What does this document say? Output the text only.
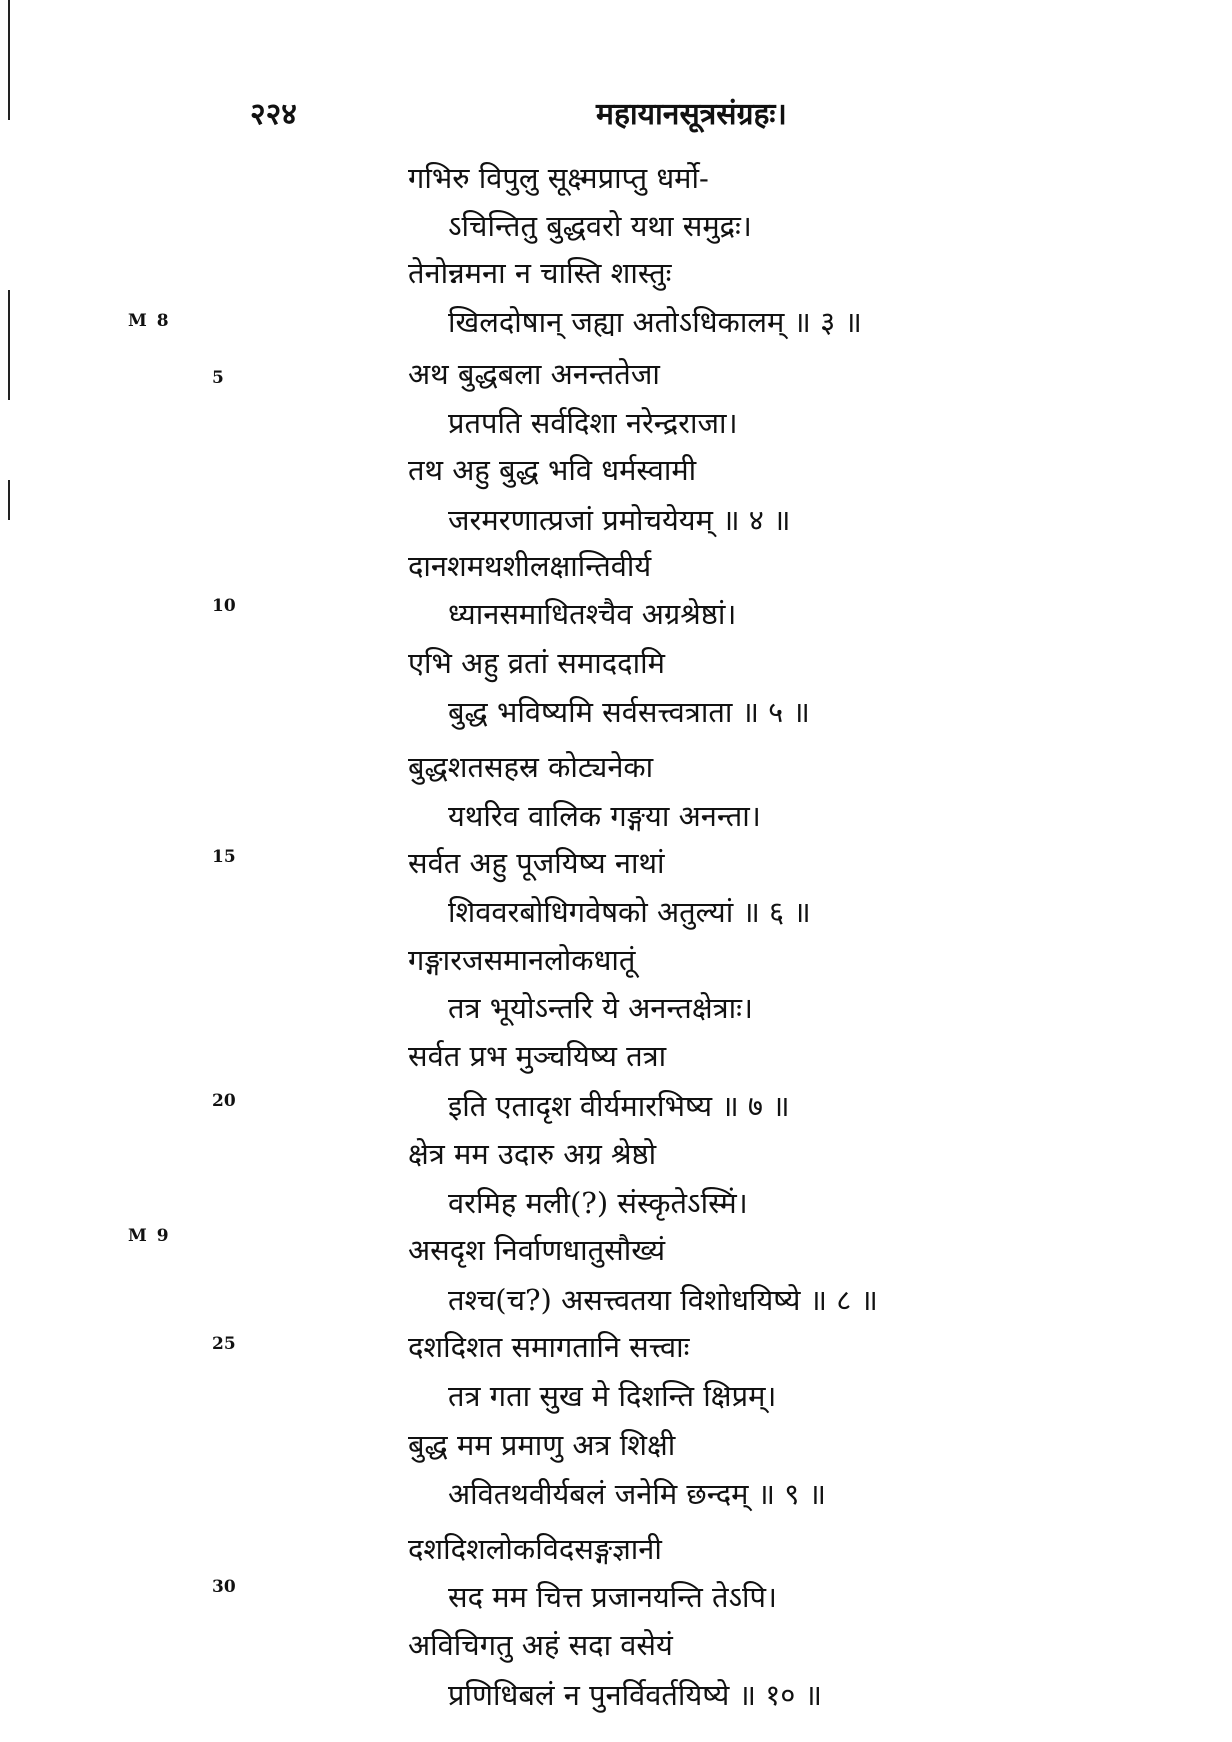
२२४	महायानसूत्रसंग्रहः।
M 8
M 9
5
10
15
20
25
30
गभिरु विपुलु सूक्ष्मप्राप्तु धर्मो-
ऽचिन्तितु बुद्धवरो यथा समुद्रः।
तेनोन्नमना न चास्ति शास्तुः
खिलदोषान् जह्या अतोऽधिकालम् ॥ ३ ॥
अथ बुद्धबला अनन्ततेजा
प्रतपति सर्वदिशा नरेन्द्रराजा।
तथ अहु बुद्ध भवि धर्मस्वामी
जरमरणात्प्रजां प्रमोचयेयम् ॥ ४ ॥
दानशमथशीलक्षान्तिवीर्य
ध्यानसमाधितश्चैव अग्रश्रेष्ठां।
एभि अहु व्रतां समाददामि
बुद्ध भविष्यमि सर्वसत्त्वत्राता ॥ ५ ॥
बुद्धशतसहस्र कोट्यनेका
यथरिव वालिक गङ्गया अनन्ता।
सर्वत अहु पूजयिष्य नाथां
शिववरबोधिगवेषको अतुल्यां ॥ ६ ॥
गङ्गारजसमानलोकधातूं
तत्र भूयोऽन्तरि ये अनन्तक्षेत्राः।
सर्वत प्रभ मुञ्चयिष्य तत्रा
इति एतादृश वीर्यमारभिष्य ॥ ७ ॥
क्षेत्र मम उदारु अग्र श्रेष्ठो
वरमिह मली(?) संस्कृतेऽस्मिं।
असदृश निर्वाणधातुसौख्यं
तश्च(च?) असत्त्वतया विशोधयिष्ये ॥ ८ ॥
दशदिशत समागतानि सत्त्वाः
तत्र गता सुख मे दिशन्ति क्षिप्रम्।
बुद्ध मम प्रमाणु अत्र शिक्षी
अवितथवीर्यबलं जनेमि छन्दम् ॥ ९ ॥
दशदिशलोकविदसङ्गज्ञानी
सद मम चित्त प्रजानयन्ति तेऽपि।
अविचिगतु अहं सदा वसेयं
प्रणिधिबलं न पुनर्विवर्तयिष्ये ॥ १० ॥
